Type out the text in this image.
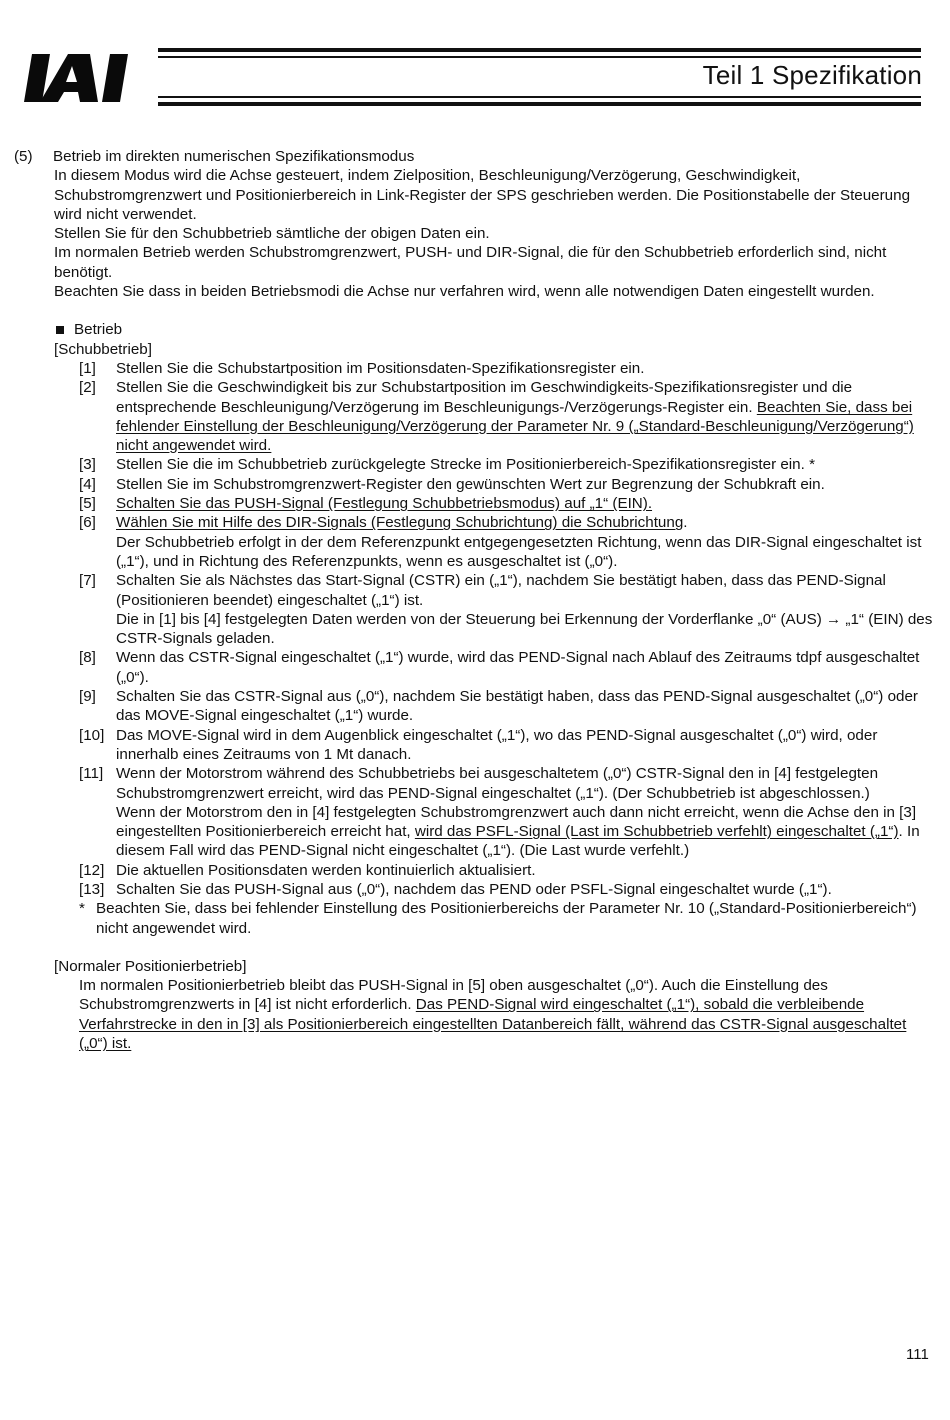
Teil 1 Spezifikation
(5)	Betrieb im direkten numerischen Spezifikationsmodus
In diesem Modus wird die Achse gesteuert, indem Zielposition, Beschleunigung/Verzögerung, Geschwindigkeit, Schubstromgrenzwert und Positionierbereich in Link-Register der SPS geschrieben werden. Die Positionstabelle der Steuerung wird nicht verwendet.
Stellen Sie für den Schubbetrieb sämtliche der obigen Daten ein.
Im normalen Betrieb werden Schubstromgrenzwert, PUSH- und DIR-Signal, die für den Schubbetrieb erforderlich sind, nicht benötigt.
Beachten Sie dass in beiden Betriebsmodi die Achse nur verfahren wird, wenn alle notwendigen Daten eingestellt wurden.
Betrieb
[Schubbetrieb]
[1]	Stellen Sie die Schubstartposition im Positionsdaten-Spezifikationsregister ein.
[2]	Stellen Sie die Geschwindigkeit bis zur Schubstartposition im Geschwindigkeits-Spezifikationsregister und die entsprechende Beschleunigung/Verzögerung im Beschleunigungs-/Verzögerungs-Register ein. Beachten Sie, dass bei fehlender Einstellung der Beschleunigung/Verzögerung der Parameter Nr. 9 („Standard-Beschleunigung/Verzögerung“) nicht angewendet wird.
[3]	Stellen Sie die im Schubbetrieb zurückgelegte Strecke im Positionierbereich-Spezifikationsregister ein. *
[4]	Stellen Sie im Schubstromgrenzwert-Register den gewünschten Wert zur Begrenzung der Schubkraft ein.
[5]	Schalten Sie das PUSH-Signal (Festlegung Schubbetriebsmodus) auf „1“ (EIN).
[6]	Wählen Sie mit Hilfe des DIR-Signals (Festlegung Schubrichtung) die Schubrichtung.
Der Schubbetrieb erfolgt in der dem Referenzpunkt entgegengesetzten Richtung, wenn das DIR-Signal eingeschaltet ist („1“), und in Richtung des Referenzpunkts, wenn es ausgeschaltet ist („0“).
[7]	Schalten Sie als Nächstes das Start-Signal (CSTR) ein („1“), nachdem Sie bestätigt haben, dass das PEND-Signal (Positionieren beendet) eingeschaltet („1“) ist.
Die in [1] bis [4] festgelegten Daten werden von der Steuerung bei Erkennung der Vorderflanke „0“ (AUS) → „1“ (EIN) des CSTR-Signals geladen.
[8]	Wenn das CSTR-Signal eingeschaltet („1“) wurde, wird das PEND-Signal nach Ablauf des Zeitraums tdpf ausgeschaltet („0“).
[9]	Schalten Sie das CSTR-Signal aus („0“), nachdem Sie bestätigt haben, dass das PEND-Signal ausgeschaltet („0“) oder das MOVE-Signal eingeschaltet („1“) wurde.
[10] Das MOVE-Signal wird in dem Augenblick eingeschaltet („1“), wo das PEND-Signal ausgeschaltet („0“) wird, oder innerhalb eines Zeitraums von 1 Mt danach.
[11] Wenn der Motorstrom während des Schubbetriebs bei ausgeschaltetem („0“) CSTR-Signal den in [4] festgelegten Schubstromgrenzwert erreicht, wird das PEND-Signal eingeschaltet („1“). (Der Schubbetrieb ist abgeschlossen.)
Wenn der Motorstrom den in [4] festgelegten Schubstromgrenzwert auch dann nicht erreicht, wenn die Achse den in [3] eingestellten Positionierbereich erreicht hat, wird das PSFL-Signal (Last im Schubbetrieb verfehlt) eingeschaltet („1“). In diesem Fall wird das PEND-Signal nicht eingeschaltet („1“). (Die Last wurde verfehlt.)
[12] Die aktuellen Positionsdaten werden kontinuierlich aktualisiert.
[13] Schalten Sie das PUSH-Signal aus („0“), nachdem das PEND oder PSFL-Signal eingeschaltet wurde („1“).
* Beachten Sie, dass bei fehlender Einstellung des Positionierbereichs der Parameter Nr. 10 („Standard-Positionierbereich“) nicht angewendet wird.
[Normaler Positionierbetrieb]
Im normalen Positionierbetrieb bleibt das PUSH-Signal in [5] oben ausgeschaltet („0“). Auch die Einstellung des Schubstromgrenzwerts in [4] ist nicht erforderlich. Das PEND-Signal wird eingeschaltet („1“), sobald die verbleibende Verfahrstrecke in den in [3] als Positionierbereich eingestellten Datanbereich fällt, während das CSTR-Signal ausgeschaltet („0“) ist.
111
